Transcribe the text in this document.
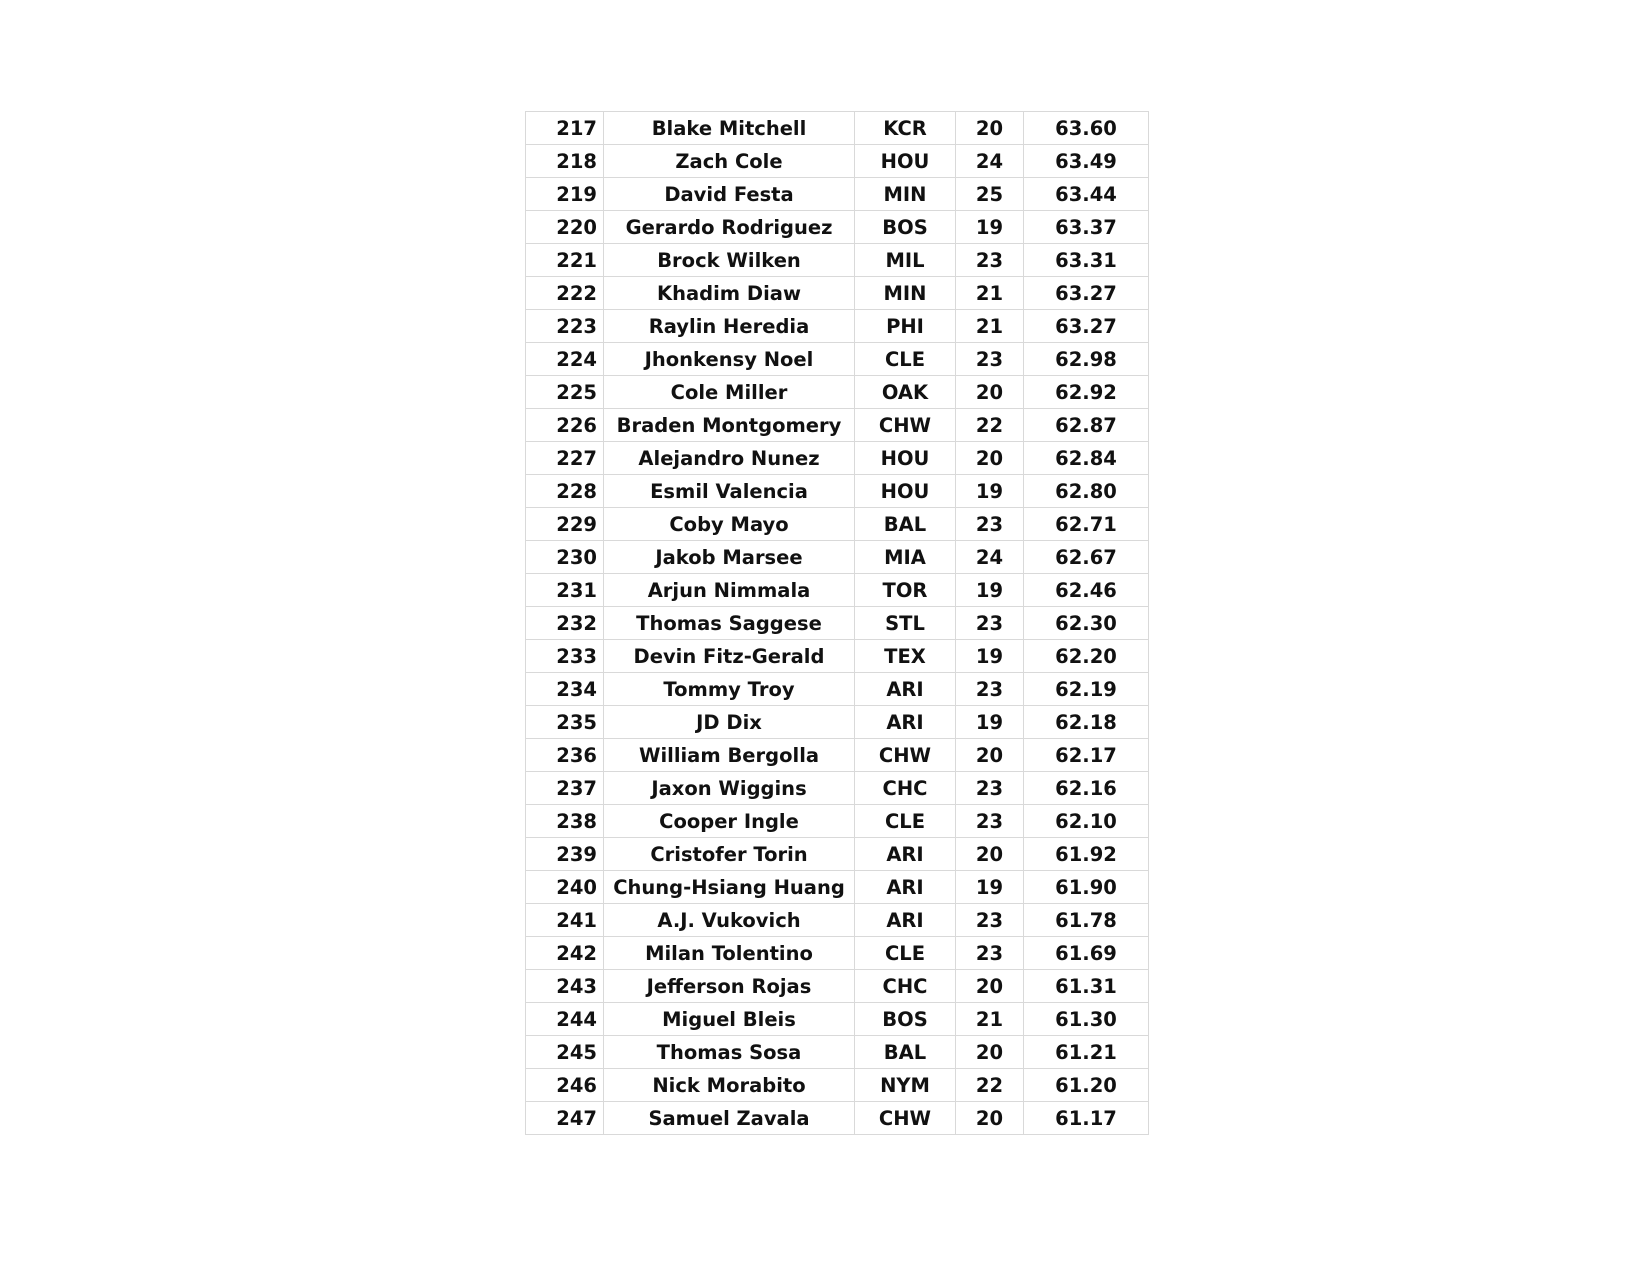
217	Blake Mitchell	KCR	20	63.60
218	Zach Cole	HOU	24	63.49
219	David Festa	MIN	25	63.44
220	Gerardo Rodriguez	BOS	19	63.37
221	Brock Wilken	MIL	23	63.31
222	Khadim Diaw	MIN	21	63.27
223	Raylin Heredia	PHI	21	63.27
224	Jhonkensy Noel	CLE	23	62.98
225	Cole Miller	OAK	20	62.92
226	Braden Montgomery	CHW	22	62.87
227	Alejandro Nunez	HOU	20	62.84
228	Esmil Valencia	HOU	19	62.80
229	Coby Mayo	BAL	23	62.71
230	Jakob Marsee	MIA	24	62.67
231	Arjun Nimmala	TOR	19	62.46
232	Thomas Saggese	STL	23	62.30
233	Devin Fitz-Gerald	TEX	19	62.20
234	Tommy Troy	ARI	23	62.19
235	JD Dix	ARI	19	62.18
236	William Bergolla	CHW	20	62.17
237	Jaxon Wiggins	CHC	23	62.16
238	Cooper Ingle	CLE	23	62.10
239	Cristofer Torin	ARI	20	61.92
240	Chung-Hsiang Huang	ARI	19	61.90
241	A.J. Vukovich	ARI	23	61.78
242	Milan Tolentino	CLE	23	61.69
243	Jefferson Rojas	CHC	20	61.31
244	Miguel Bleis	BOS	21	61.30
245	Thomas Sosa	BAL	20	61.21
246	Nick Morabito	NYM	22	61.20
247	Samuel Zavala	CHW	20	61.17
